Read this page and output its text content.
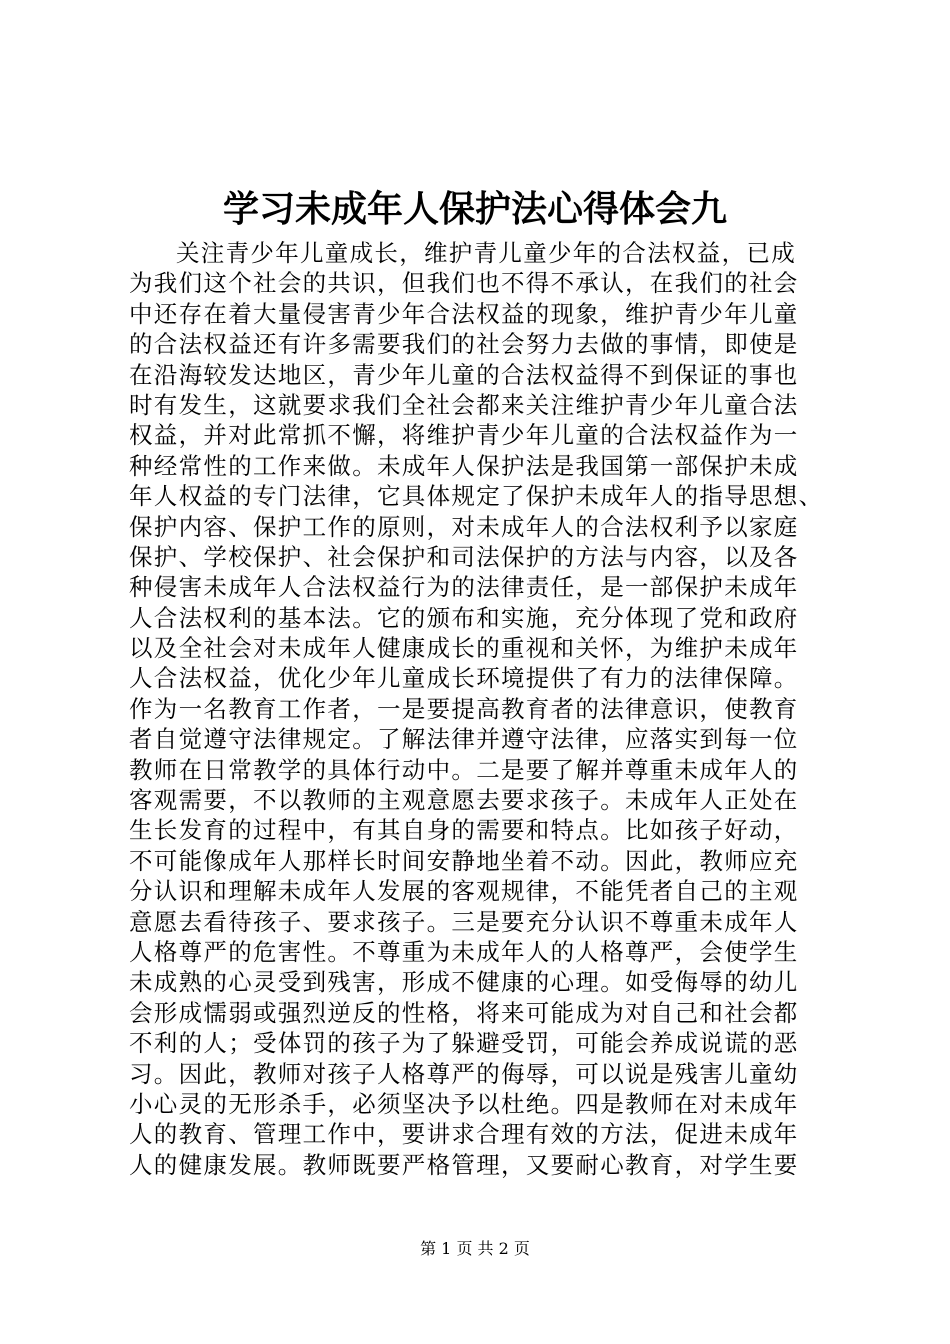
学习未成年人保护法心得体会九
关注青少年儿童成长，维护青儿童少年的合法权益，已成
为我们这个社会的共识，但我们也不得不承认，在我们的社会
中还存在着大量侵害青少年合法权益的现象，维护青少年儿童
的合法权益还有许多需要我们的社会努力去做的事情，即使是
在沿海较发达地区，青少年儿童的合法权益得不到保证的事也
时有发生，这就要求我们全社会都来关注维护青少年儿童合法
权益，并对此常抓不懈，将维护青少年儿童的合法权益作为一
种经常性的工作来做。未成年人保护法是我国第一部保护未成
年人权益的专门法律，它具体规定了保护未成年人的指导思想、
保护内容、保护工作的原则，对未成年人的合法权利予以家庭
保护、学校保护、社会保护和司法保护的方法与内容，以及各
种侵害未成年人合法权益行为的法律责任，是一部保护未成年
人合法权利的基本法。它的颁布和实施，充分体现了党和政府
以及全社会对未成年人健康成长的重视和关怀，为维护未成年
人合法权益，优化少年儿童成长环境提供了有力的法律保障。
作为一名教育工作者，一是要提高教育者的法律意识，使教育
者自觉遵守法律规定。了解法律并遵守法律，应落实到每一位
教师在日常教学的具体行动中。二是要了解并尊重未成年人的
客观需要，不以教师的主观意愿去要求孩子。未成年人正处在
生长发育的过程中，有其自身的需要和特点。比如孩子好动，
不可能像成年人那样长时间安静地坐着不动。因此，教师应充
分认识和理解未成年人发展的客观规律，不能凭者自己的主观
意愿去看待孩子、要求孩子。三是要充分认识不尊重未成年人
人格尊严的危害性。不尊重为未成年人的人格尊严，会使学生
未成熟的心灵受到残害，形成不健康的心理。如受侮辱的幼儿
会形成懦弱或强烈逆反的性格，将来可能成为对自己和社会都
不利的人；受体罚的孩子为了躲避受罚，可能会养成说谎的恶
习。因此，教师对孩子人格尊严的侮辱，可以说是残害儿童幼
小心灵的无形杀手，必须坚决予以杜绝。四是教师在对未成年
人的教育、管理工作中，要讲求合理有效的方法，促进未成年
人的健康发展。教师既要严格管理，又要耐心教育，对学生要
第 1 页 共 2 页
